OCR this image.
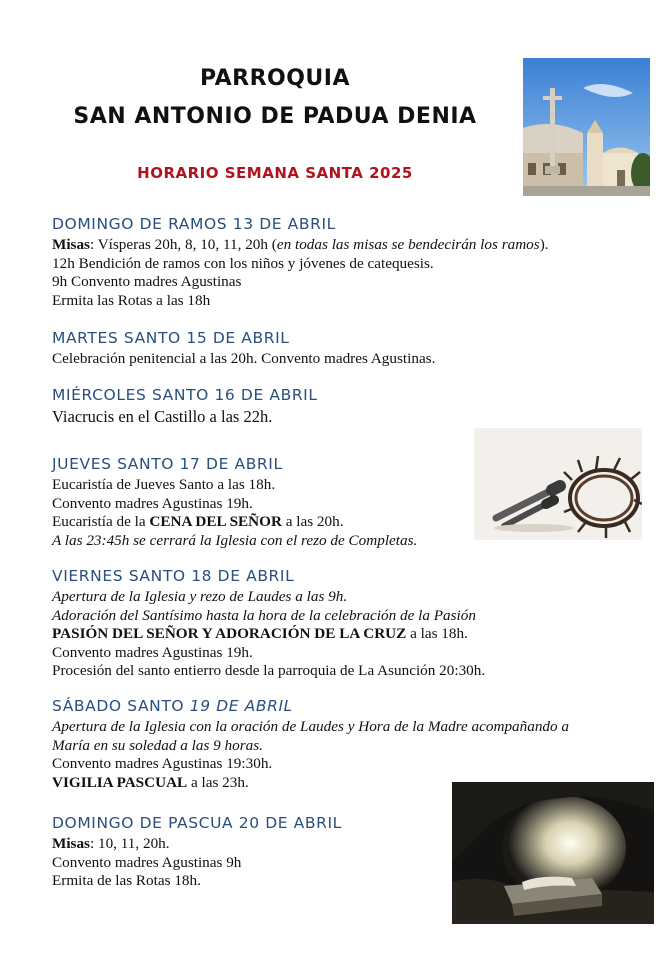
PARROQUIA
SAN ANTONIO DE PADUA DENIA
HORARIO SEMANA SANTA 2025
DOMINGO DE RAMOS 13 DE ABRIL
Misas: Vísperas 20h, 8, 10, 11, 20h (en todas las misas se bendecirán los ramos).
12h Bendición de ramos con los niños y jóvenes de catequesis.
9h Convento madres Agustinas
Ermita las Rotas a las 18h
MARTES SANTO 15 DE ABRIL
Celebración penitencial a las 20h. Convento madres Agustinas.
MIÉRCOLES SANTO 16 DE ABRIL
Viacrucis en el Castillo a las 22h.
JUEVES SANTO 17 DE ABRIL
Eucaristía de Jueves Santo a las 18h.
Convento madres Agustinas 19h.
Eucaristía de la CENA DEL SEÑOR a las 20h.
A las 23:45h se cerrará la Iglesia con el rezo de Completas.
VIERNES SANTO 18 DE ABRIL
Apertura de la Iglesia y rezo de Laudes a las 9h.
Adoración del Santísimo hasta la hora de la celebración de la Pasión
PASIÓN DEL SEÑOR Y ADORACIÓN DE LA CRUZ a las 18h.
Convento madres Agustinas 19h.
Procesión del santo entierro desde la parroquia de La Asunción 20:30h.
SÁBADO SANTO 19 DE ABRIL
Apertura de la Iglesia con la oración de Laudes y Hora de la Madre acompañando a
María en su soledad a las 9 horas.
Convento madres Agustinas 19:30h.
VIGILIA PASCUAL a las 23h.
DOMINGO DE PASCUA 20 DE ABRIL
Misas: 10, 11, 20h.
Convento madres Agustinas 9h
Ermita de las Rotas 18h.
